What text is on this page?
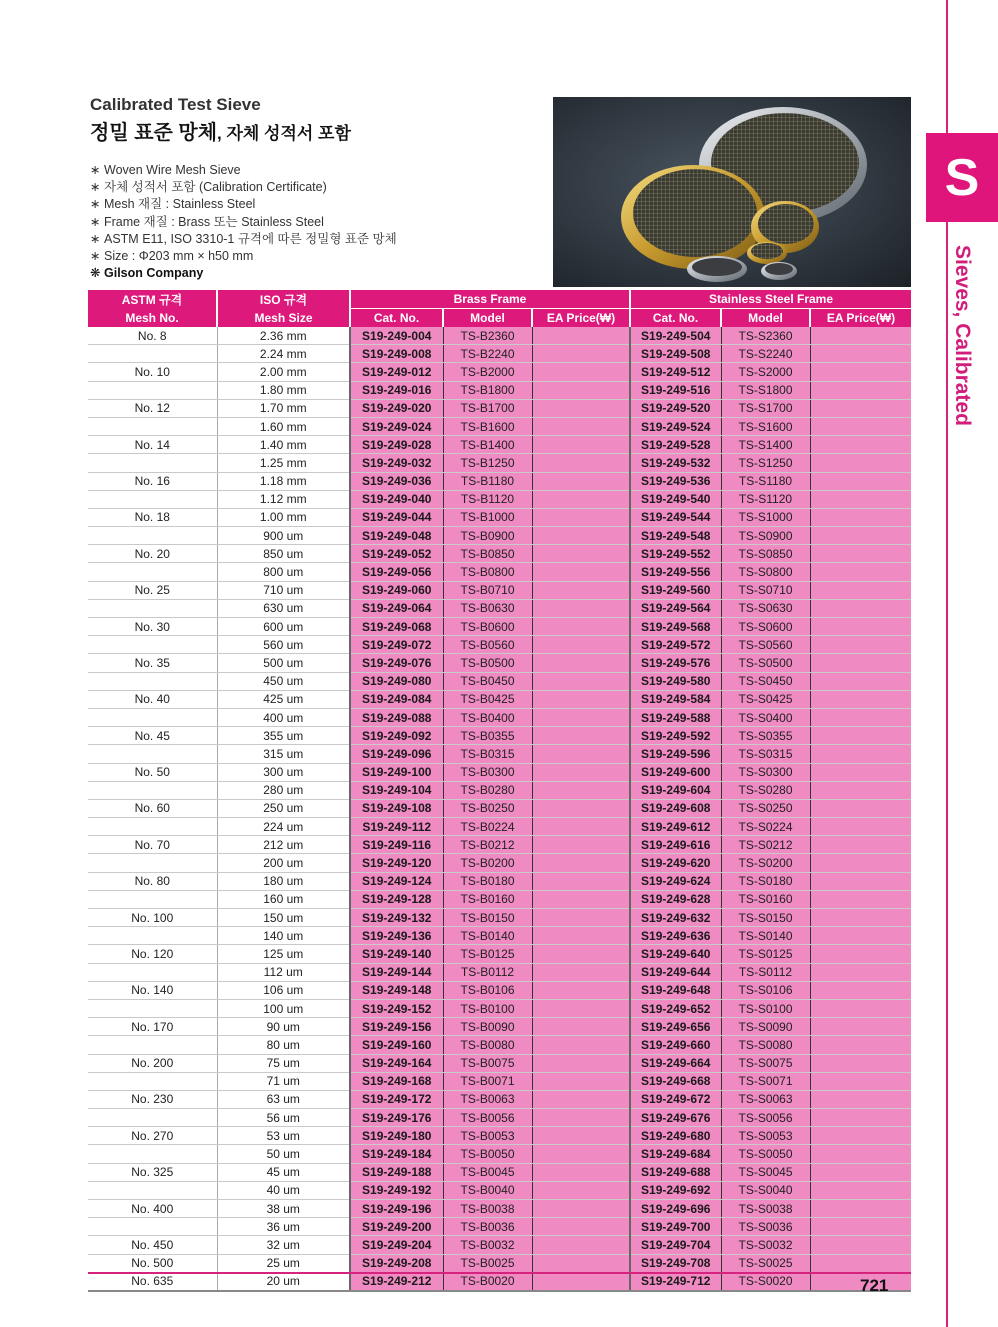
S
Sieves, Calibrated
Calibrated Test Sieve
정밀 표준 망체, 자체 성적서 포함
∗ Woven Wire Mesh Sieve
∗ 자체 성적서 포함 (Calibration Certificate)
∗ Mesh 재질 : Stainless Steel
∗ Frame 재질 : Brass 또는 Stainless Steel
∗ ASTM E11, ISO 3310-1 규격에 따른 정밀형 표준 망체
∗ Size : Φ203 mm × h50 mm
❋ Gilson Company
ASTM 규격	ISO 규격	Brass Frame			Stainless Steel Frame		
Mesh No.	Mesh Size	Cat. No.	Model	EA Price(₩)	Cat. No.	Model	EA Price(₩)
No. 8	2.36 mm	S19-249-004	TS-B2360		S19-249-504	TS-S2360	
	2.24 mm	S19-249-008	TS-B2240		S19-249-508	TS-S2240	
No. 10	2.00 mm	S19-249-012	TS-B2000		S19-249-512	TS-S2000	
	1.80 mm	S19-249-016	TS-B1800		S19-249-516	TS-S1800	
No. 12	1.70 mm	S19-249-020	TS-B1700		S19-249-520	TS-S1700	
	1.60 mm	S19-249-024	TS-B1600		S19-249-524	TS-S1600	
No. 14	1.40 mm	S19-249-028	TS-B1400		S19-249-528	TS-S1400	
	1.25 mm	S19-249-032	TS-B1250		S19-249-532	TS-S1250	
No. 16	1.18 mm	S19-249-036	TS-B1180		S19-249-536	TS-S1180	
	1.12 mm	S19-249-040	TS-B1120		S19-249-540	TS-S1120	
No. 18	1.00 mm	S19-249-044	TS-B1000		S19-249-544	TS-S1000	
	900 um	S19-249-048	TS-B0900		S19-249-548	TS-S0900	
No. 20	850 um	S19-249-052	TS-B0850		S19-249-552	TS-S0850	
	800 um	S19-249-056	TS-B0800		S19-249-556	TS-S0800	
No. 25	710 um	S19-249-060	TS-B0710		S19-249-560	TS-S0710	
	630 um	S19-249-064	TS-B0630		S19-249-564	TS-S0630	
No. 30	600 um	S19-249-068	TS-B0600		S19-249-568	TS-S0600	
	560 um	S19-249-072	TS-B0560		S19-249-572	TS-S0560	
No. 35	500 um	S19-249-076	TS-B0500		S19-249-576	TS-S0500	
	450 um	S19-249-080	TS-B0450		S19-249-580	TS-S0450	
No. 40	425 um	S19-249-084	TS-B0425		S19-249-584	TS-S0425	
	400 um	S19-249-088	TS-B0400		S19-249-588	TS-S0400	
No. 45	355 um	S19-249-092	TS-B0355		S19-249-592	TS-S0355	
	315 um	S19-249-096	TS-B0315		S19-249-596	TS-S0315	
No. 50	300 um	S19-249-100	TS-B0300		S19-249-600	TS-S0300	
	280 um	S19-249-104	TS-B0280		S19-249-604	TS-S0280	
No. 60	250 um	S19-249-108	TS-B0250		S19-249-608	TS-S0250	
	224 um	S19-249-112	TS-B0224		S19-249-612	TS-S0224	
No. 70	212 um	S19-249-116	TS-B0212		S19-249-616	TS-S0212	
	200 um	S19-249-120	TS-B0200		S19-249-620	TS-S0200	
No. 80	180 um	S19-249-124	TS-B0180		S19-249-624	TS-S0180	
	160 um	S19-249-128	TS-B0160		S19-249-628	TS-S0160	
No. 100	150 um	S19-249-132	TS-B0150		S19-249-632	TS-S0150	
	140 um	S19-249-136	TS-B0140		S19-249-636	TS-S0140	
No. 120	125 um	S19-249-140	TS-B0125		S19-249-640	TS-S0125	
	112 um	S19-249-144	TS-B0112		S19-249-644	TS-S0112	
No. 140	106 um	S19-249-148	TS-B0106		S19-249-648	TS-S0106	
	100 um	S19-249-152	TS-B0100		S19-249-652	TS-S0100	
No. 170	90 um	S19-249-156	TS-B0090		S19-249-656	TS-S0090	
	80 um	S19-249-160	TS-B0080		S19-249-660	TS-S0080	
No. 200	75 um	S19-249-164	TS-B0075		S19-249-664	TS-S0075	
	71 um	S19-249-168	TS-B0071		S19-249-668	TS-S0071	
No. 230	63 um	S19-249-172	TS-B0063		S19-249-672	TS-S0063	
	56 um	S19-249-176	TS-B0056		S19-249-676	TS-S0056	
No. 270	53 um	S19-249-180	TS-B0053		S19-249-680	TS-S0053	
	50 um	S19-249-184	TS-B0050		S19-249-684	TS-S0050	
No. 325	45 um	S19-249-188	TS-B0045		S19-249-688	TS-S0045	
	40 um	S19-249-192	TS-B0040		S19-249-692	TS-S0040	
No. 400	38 um	S19-249-196	TS-B0038		S19-249-696	TS-S0038	
	36 um	S19-249-200	TS-B0036		S19-249-700	TS-S0036	
No. 450	32 um	S19-249-204	TS-B0032		S19-249-704	TS-S0032	
No. 500	25 um	S19-249-208	TS-B0025		S19-249-708	TS-S0025	
No. 635	20 um	S19-249-212	TS-B0020		S19-249-712	TS-S0020		721
